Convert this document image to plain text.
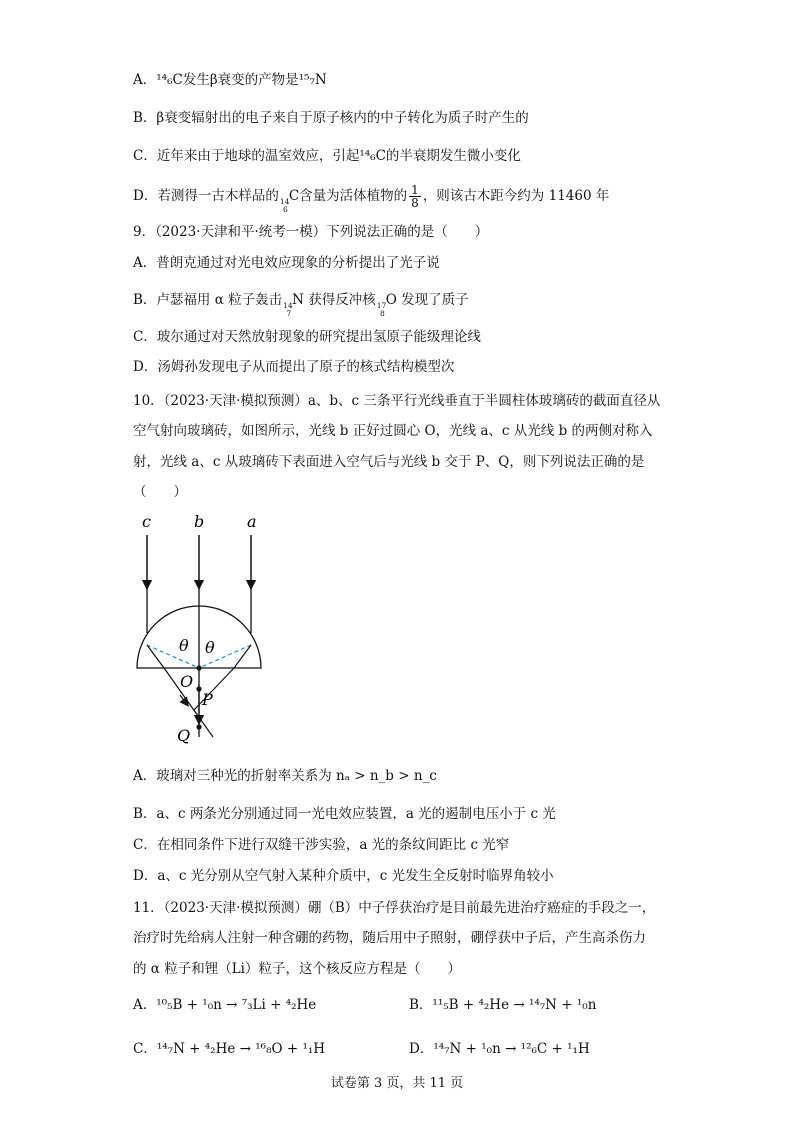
A．¹⁴₆C发生β衰变的产物是¹⁵₇N
B．β衰变辐射出的电子来自于原子核内的中子转化为质子时产生的
C．近年来由于地球的温室效应，引起¹⁴₆C的半衰期发生微小变化
D．若测得一古木样品的 14
6
C含量为活体植物的 $\frac{1}{8}$ ，则该古木距今约为 11460 年
9．（2023·天津和平·统考一模）下列说法正确的是（　　）
A．普朗克通过对光电效应现象的分析提出了光子说
B．卢瑟福用 α 粒子轰击 14
7
N 获得反冲核 17
8
O 发现了质子
C．玻尔通过对天然放射现象的研究提出氢原子能级理论线
D．汤姆孙发现电子从而提出了原子的核式结构模型次
10．（2023·天津·模拟预测）a、b、c 三条平行光线垂直于半圆柱体玻璃砖的截面直径从
空气射向玻璃砖，如图所示，光线 b 正好过圆心 O，光线 a、c 从光线 b 的两侧对称入
射，光线 a、c 从玻璃砖下表面进入空气后与光线 b 交于 P、Q，则下列说法正确的是
（　　）
c	b	a
θ θ
O
P
Q
A．玻璃对三种光的折射率关系为 nₐ > n_b > n_c
B．a、c 两条光分别通过同一光电效应装置，a 光的遏制电压小于 c 光
C．在相同条件下进行双缝干涉实验，a 光的条纹间距比 c 光窄
D．a、c 光分别从空气射入某种介质中，c 光发生全反射时临界角较小
11．（2023·天津·模拟预测）硼（B）中子俘获治疗是目前最先进治疗癌症的手段之一，
治疗时先给病人注射一种含硼的药物，随后用中子照射，硼俘获中子后，产生高杀伤力
的 α 粒子和锂（Li）粒子，这个核反应方程是（　　）
A．¹⁰₅B + ¹₀n → ⁷₃Li + ⁴₂He	B．¹¹₅B + ⁴₂He → ¹⁴₇N + ¹₀n
C．¹⁴₇N + ⁴₂He → ¹⁶₈O + ¹₁H	D．¹⁴₇N + ¹₀n → ¹²₆C + ¹₁H
试卷第 3 页，共 11 页
